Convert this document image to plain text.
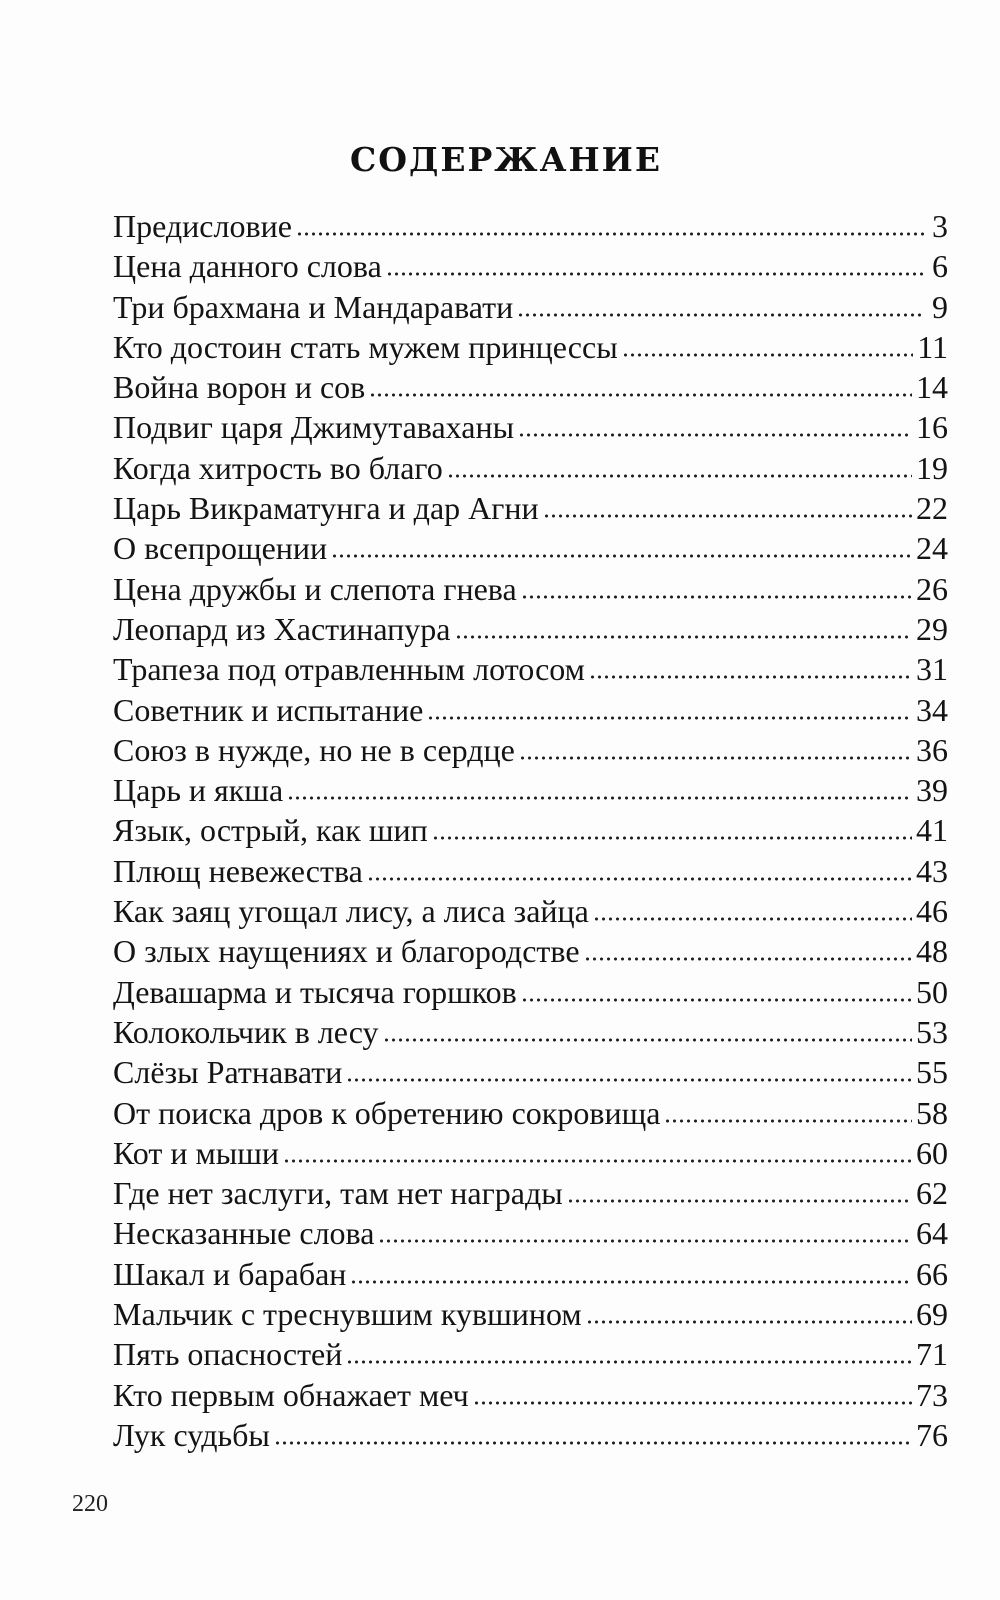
СОДЕРЖАНИЕ
Предисловие	3
Цена данного слова	6
Три брахмана и Мандаравати	9
Кто достоин стать мужем принцессы	11
Война ворон и сов	14
Подвиг царя Джимутаваханы	16
Когда хитрость во благо	19
Царь Викраматунга и дар Агни	22
О всепрощении	24
Цена дружбы и слепота гнева	26
Леопард из Хастинапура	29
Трапеза под отравленным лотосом	31
Советник и испытание	34
Союз в нужде, но не в сердце	36
Царь и якша	39
Язык, острый, как шип	41
Плющ невежества	43
Как заяц угощал лису, а лиса зайца	46
О злых наущениях и благородстве	48
Девашарма и тысяча горшков	50
Колокольчик в лесу	53
Слёзы Ратнавати	55
От поиска дров к обретению сокровища	58
Кот и мыши	60
Где нет заслуги, там нет награды	62
Несказанные слова	64
Шакал и барабан	66
Мальчик с треснувшим кувшином	69
Пять опасностей	71
Кто первым обнажает меч	73
Лук судьбы	76
220
